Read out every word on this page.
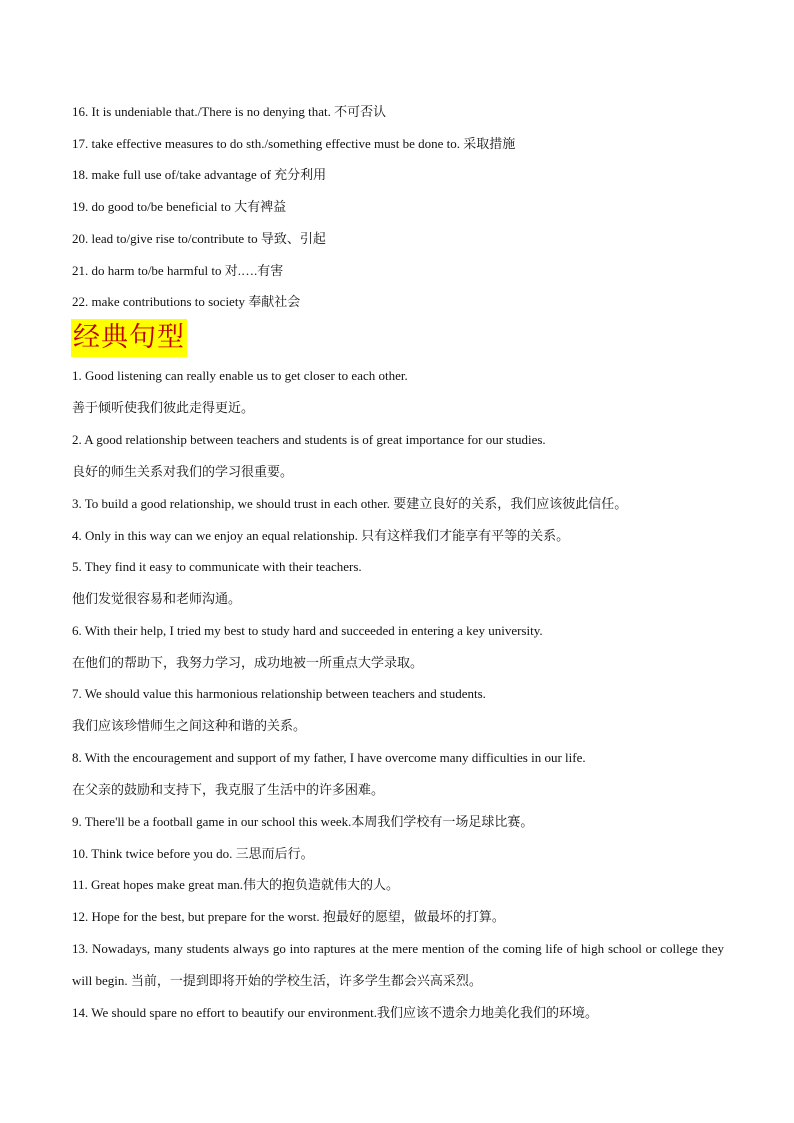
16. It is undeniable that./There is no denying that. 不可否认
17. take effective measures to do sth./something effective must be done to. 采取措施
18. make full use of/take advantage of 充分利用
19. do good to/be beneficial to 大有裨益
20. lead to/give rise to/contribute to 导致、引起
21. do harm to/be harmful to 对.….有害
22. make contributions to society 奉献社会
经典句型
1. Good listening can really enable us to get closer to each other.
善于倾听使我们彼此走得更近。
2. A good relationship between teachers and students is of great importance for our studies.
良好的师生关系对我们的学习很重要。
3. To build a good relationship, we should trust in each other. 要建立良好的关系，我们应该彼此信任。
4. Only in this way can we enjoy an equal relationship. 只有这样我们才能享有平等的关系。
5. They find it easy to communicate with their teachers.
他们发觉很容易和老师沟通。
6. With their help, I tried my best to study hard and succeeded in entering a key university.
在他们的帮助下，我努力学习，成功地被一所重点大学录取。
7. We should value this harmonious relationship between teachers and students.
我们应该珍惜师生之间这种和谐的关系。
8. With the encouragement and support of my father, I have overcome many difficulties in our life.
在父亲的鼓励和支持下，我克服了生活中的许多困难。
9. There'll be a football game in our school this week.本周我们学校有一场足球比赛。
10. Think twice before you do. 三思而后行。
11. Great hopes make great man.伟大的抱负造就伟大的人。
12. Hope for the best, but prepare for the worst. 抱最好的愿望，做最坏的打算。
13. Nowadays, many students always go into raptures at the mere mention of the coming life of high school or college they will begin. 当前，一提到即将开始的学校生活，许多学生都会兴高采烈。
14. We should spare no effort to beautify our environment.我们应该不遗余力地美化我们的环境。
